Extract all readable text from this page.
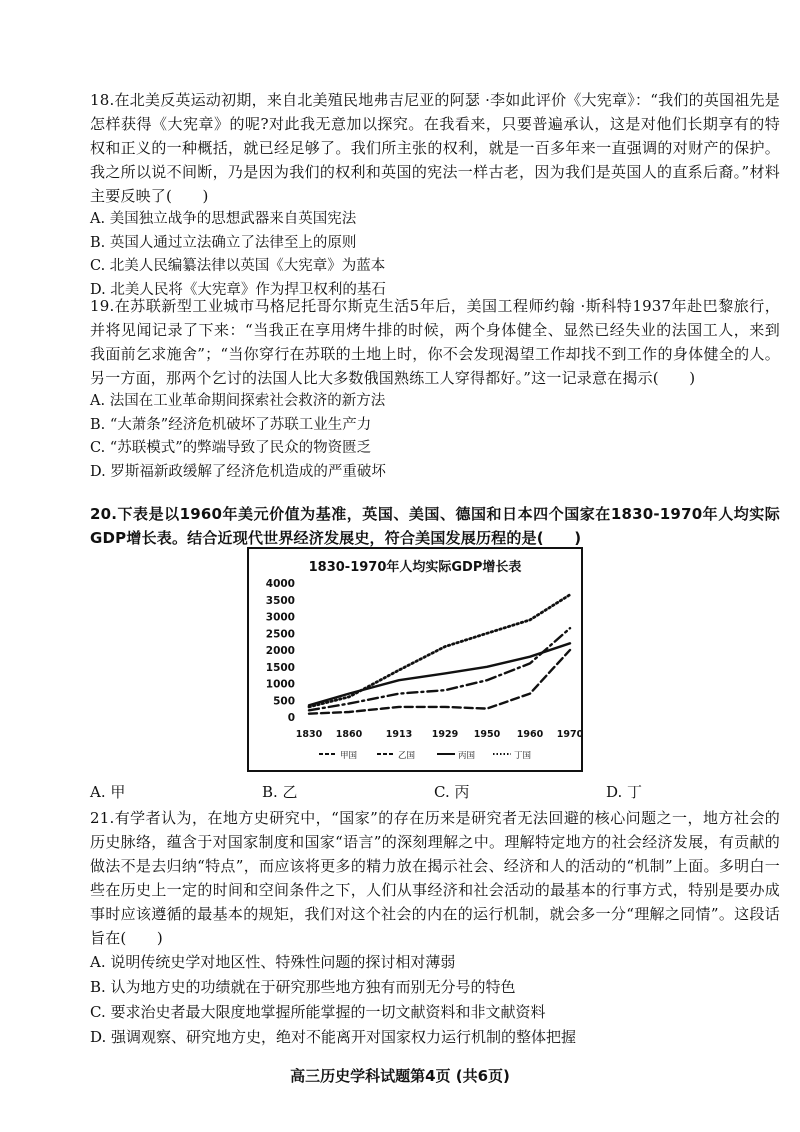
18.在北美反英运动初期，来自北美殖民地弗吉尼亚的阿瑟 ·李如此评价《大宪章》：“我们的英国祖先是怎样获得《大宪章》的呢?对此我无意加以探究。在我看来，只要普遍承认，这是对他们长期享有的特权和正义的一种概括，就已经足够了。我们所主张的权利，就是一百多年来一直强调的对财产的保护。我之所以说不间断，乃是因为我们的权利和英国的宪法一样古老，因为我们是英国人的直系后裔。”材料主要反映了(　　)

A. 美国独立战争的思想武器来自英国宪法

B. 英国人通过立法确立了法律至上的原则

C. 北美人民编纂法律以英国《大宪章》为蓝本

D. 北美人民将《大宪章》作为捍卫权利的基石

19.在苏联新型工业城市马格尼托哥尔斯克生活5年后，美国工程师约翰 ·斯科特1937年赴巴黎旅行，并将见闻记录了下来：“当我正在享用烤牛排的时候，两个身体健全、显然已经失业的法国工人，来到我面前乞求施舍”；“当你穿行在苏联的土地上时，你不会发现渴望工作却找不到工作的身体健全的人。另一方面，那两个乞讨的法国人比大多数俄国熟练工人穿得都好。”这一记录意在揭示(　　)

A. 法国在工业革命期间探索社会救济的新方法

B. “大萧条”经济危机破坏了苏联工业生产力

C. “苏联模式”的弊端导致了民众的物资匮乏

D. 罗斯福新政缓解了经济危机造成的严重破坏

20.下表是以1960年美元价值为基准，英国、美国、德国和日本四个国家在1830-1970年人均实际GDP增长表。结合近现代世界经济发展史，符合美国发展历程的是(　　)

1830-1970年人均实际GDP增长表
0
500
1000
1500
2000
2500
3000
3500
4000
1830 1860 1913 1929 1950 1960 1970
甲国	乙国	丙国	丁国
A. 甲	B. 乙	C. 丙	D. 丁

21.有学者认为，在地方史研究中，“国家”的存在历来是研究者无法回避的核心问题之一，地方社会的历史脉络，蕴含于对国家制度和国家“语言”的深刻理解之中。理解特定地方的社会经济发展，有贡献的做法不是去归纳“特点”，而应该将更多的精力放在揭示社会、经济和人的活动的“机制”上面。多明白一些在历史上一定的时间和空间条件之下，人们从事经济和社会活动的最基本的行事方式，特别是要办成事时应该遵循的最基本的规矩，我们对这个社会的内在的运行机制，就会多一分“理解之同情”。这段话旨在(　　)

A. 说明传统史学对地区性、特殊性问题的探讨相对薄弱

B. 认为地方史的功绩就在于研究那些地方独有而别无分号的特色

C. 要求治史者最大限度地掌握所能掌握的一切文献资料和非文献资料

D. 强调观察、研究地方史，绝对不能离开对国家权力运行机制的整体把握

高三历史学科试题第4页 (共6页)
